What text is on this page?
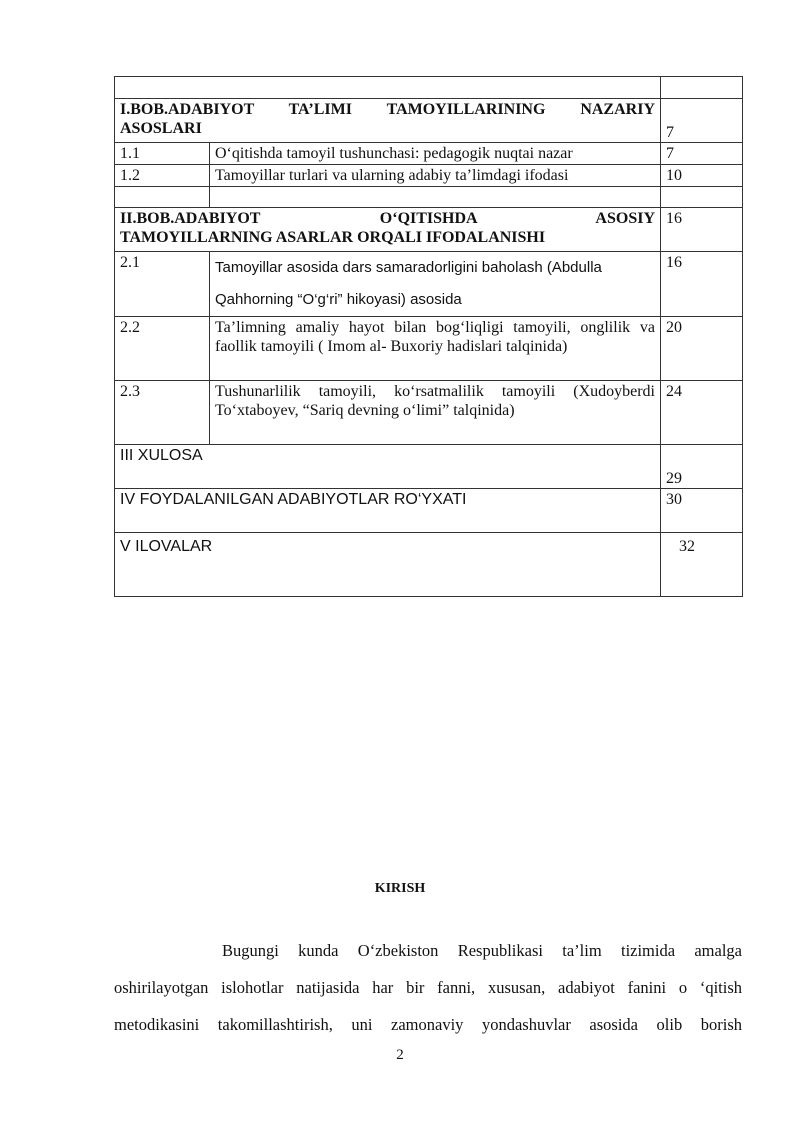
I.BOB.ADABIYOT TA’LIMI TAMOYILLARINING NAZARIY
ASOSLARI		7
1.1	O‘qitishda tamoyil tushunchasi: pedagogik nuqtai nazar	7
1.2	Tamoyillar turlari va ularning adabiy ta’limdagi ifodasi	10

II.BOB.ADABIYOT O‘QITISHDA ASOSIY
TAMOYILLARNING ASARLAR ORQALI IFODALANISHI		16
2.1	Tamoyillar asosida dars samaradorligini baholash (Abdulla
Qahhorning “O‘g‘ri” hikoyasi) asosida	16
2.2	Ta’limning amaliy hayot bilan bog‘liqligi tamoyili, onglilik va faollik tamoyili ( Imom al- Buxoriy hadislari talqinida)	20
2.3	Tushunarlilik tamoyili, ko‘rsatmalilik tamoyili (Xudoyberdi To‘xtaboyev, “Sariq devning o‘limi” talqinida)	24
III XULOSA		29
IV FOYDALANILGAN ADABIYOTLAR RO‘YXATI		30
V ILOVALAR		32
KIRISH
Bugungi kunda O‘zbekiston Respublikasi ta’lim tizimida amalga
oshirilayotgan islohotlar natijasida har bir fanni, xususan, adabiyot fanini o ‘qitish
metodikasini takomillashtirish, uni zamonaviy yondashuvlar asosida olib borish
2
